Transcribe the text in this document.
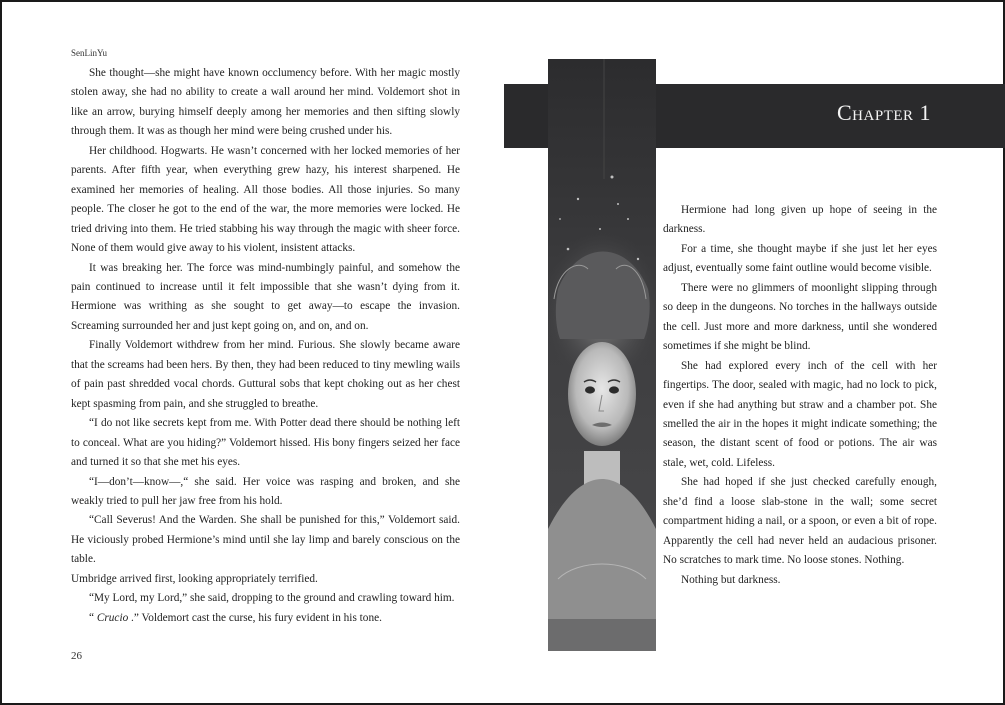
SenLinYu

She thought—she might have known occlumency before. With her magic mostly stolen away, she had no ability to create a wall around her mind. Voldemort shot in like an arrow, burying himself deeply among her memories and then sifting slowly through them. It was as though her mind were being crushed under his.

Her childhood. Hogwarts. He wasn’t concerned with her locked memories of her parents. After fifth year, when everything grew hazy, his interest sharpened. He examined her memories of healing. All those bodies. All those injuries. So many people. The closer he got to the end of the war, the more memories were locked. He tried driving into them. He tried stabbing his way through the magic with sheer force. None of them would give away to his violent, insistent attacks.

It was breaking her. The force was mind-numbingly painful, and somehow the pain continued to increase until it felt impossible that she wasn’t dying from it. Hermione was writhing as she sought to get away—to escape the invasion. Screaming surrounded her and just kept going on, and on, and on.

Finally Voldemort withdrew from her mind. Furious. She slowly became aware that the screams had been hers. By then, they had been reduced to tiny mewling wails of pain past shredded vocal chords. Guttural sobs that kept choking out as her chest kept spasming from pain, and she struggled to breathe.

“I do not like secrets kept from me. With Potter dead there should be nothing left to conceal. What are you hiding?” Voldemort hissed. His bony fingers seized her face and turned it so that she met his eyes.

“I—don’t—know—,“ she said. Her voice was rasping and broken, and she weakly tried to pull her jaw free from his hold.

“Call Severus! And the Warden. She shall be punished for this,” Voldemort said. He viciously probed Hermione’s mind until she lay limp and barely conscious on the table.

Umbridge arrived first, looking appropriately terrified.

“My Lord, my Lord,” she said, dropping to the ground and crawling toward him.

“ Crucio .” Voldemort cast the curse, his fury evident in his tone.

26
Chapter 1

Hermione had long given up hope of seeing in the darkness.

For a time, she thought maybe if she just let her eyes adjust, eventually some faint outline would become visible.

There were no glimmers of moonlight slipping through so deep in the dungeons. No torches in the hallways outside the cell. Just more and more darkness, until she wondered sometimes if she might be blind.

She had explored every inch of the cell with her fingertips. The door, sealed with magic, had no lock to pick, even if she had anything but straw and a chamber pot. She smelled the air in the hopes it might indicate something; the season, the distant scent of food or potions. The air was stale, wet, cold. Lifeless.

She had hoped if she just checked carefully enough, she’d find a loose slab-stone in the wall; some secret compartment hiding a nail, or a spoon, or even a bit of rope. Apparently the cell had never held an audacious prisoner. No scratches to mark time. No loose stones. Nothing.

Nothing but darkness.
